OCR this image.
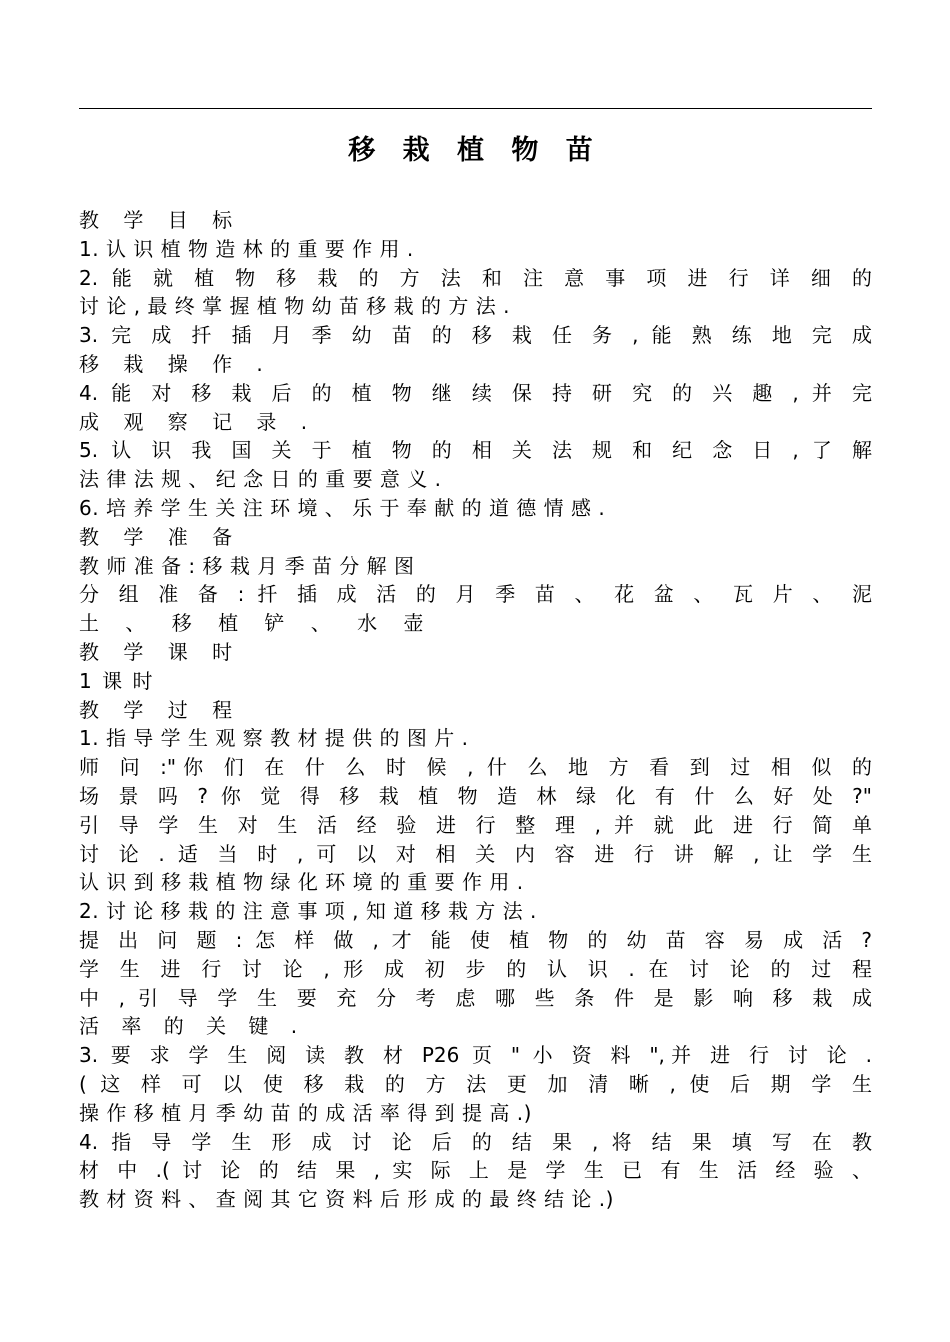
移 栽 植 物 苗
教 学 目 标
1. 认 识 植 物 造 林 的 重 要 作 用 .
2. 能 就 植 物 移 栽 的 方 法 和 注 意 事 项 进 行 详 细 的
讨 论 , 最 终 掌 握 植 物 幼 苗 移 栽 的 方 法 .
3. 完 成 扦 插 月 季 幼 苗 的 移 栽 任 务 , 能 熟 练 地 完 成
移 栽 操 作 .
4. 能 对 移 栽 后 的 植 物 继 续 保 持 研 究 的 兴 趣 , 并 完
成 观 察 记 录 .
5. 认 识 我 国 关 于 植 物 的 相 关 法 规 和 纪 念 日 , 了 解
法 律 法 规 、 纪 念 日 的 重 要 意 义 .
6. 培 养 学 生 关 注 环 境 、 乐 于 奉 献 的 道 德 情 感 .
教 学 准 备
教 师 准 备 : 移 栽 月 季 苗 分 解 图
分 组 准 备 : 扦 插 成 活 的 月 季 苗 、 花 盆 、 瓦 片 、 泥
土 、 移 植 铲 、 水 壶
教 学 课 时
1 课 时
教 学 过 程
1. 指 导 学 生 观 察 教 材 提 供 的 图 片 .
师 问 :"你 们 在 什 么 时 候 , 什 么 地 方 看 到 过 相 似 的
场 景 吗 ? 你 觉 得 移 栽 植 物 造 林 绿 化 有 什 么 好 处 ?"
引 导 学 生 对 生 活 经 验 进 行 整 理 , 并 就 此 进 行 简 单
讨 论 . 适 当 时 , 可 以 对 相 关 内 容 进 行 讲 解 , 让 学 生
认 识 到 移 栽 植 物 绿 化 环 境 的 重 要 作 用 .
2. 讨 论 移 栽 的 注 意 事 项 , 知 道 移 栽 方 法 .
提 出 问 题 : 怎 样 做 , 才 能 使 植 物 的 幼 苗 容 易 成 活 ?
学 生 进 行 讨 论 , 形 成 初 步 的 认 识 . 在 讨 论 的 过 程
中 , 引 导 学 生 要 充 分 考 虑 哪 些 条 件 是 影 响 移 栽 成
活 率 的 关 键 .
3. 要 求 学 生 阅 读 教 材 P26 页 " 小 资 料 ",并 进 行 讨 论 .
( 这 样 可 以 使 移 栽 的 方 法 更 加 清 晰 , 使 后 期 学 生
操 作 移 植 月 季 幼 苗 的 成 活 率 得 到 提 高 .)
4. 指 导 学 生 形 成 讨 论 后 的 结 果 , 将 结 果 填 写 在 教
材 中 .( 讨 论 的 结 果 , 实 际 上 是 学 生 已 有 生 活 经 验 、
教 材 资 料 、 查 阅 其 它 资 料 后 形 成 的 最 终 结 论 .)
